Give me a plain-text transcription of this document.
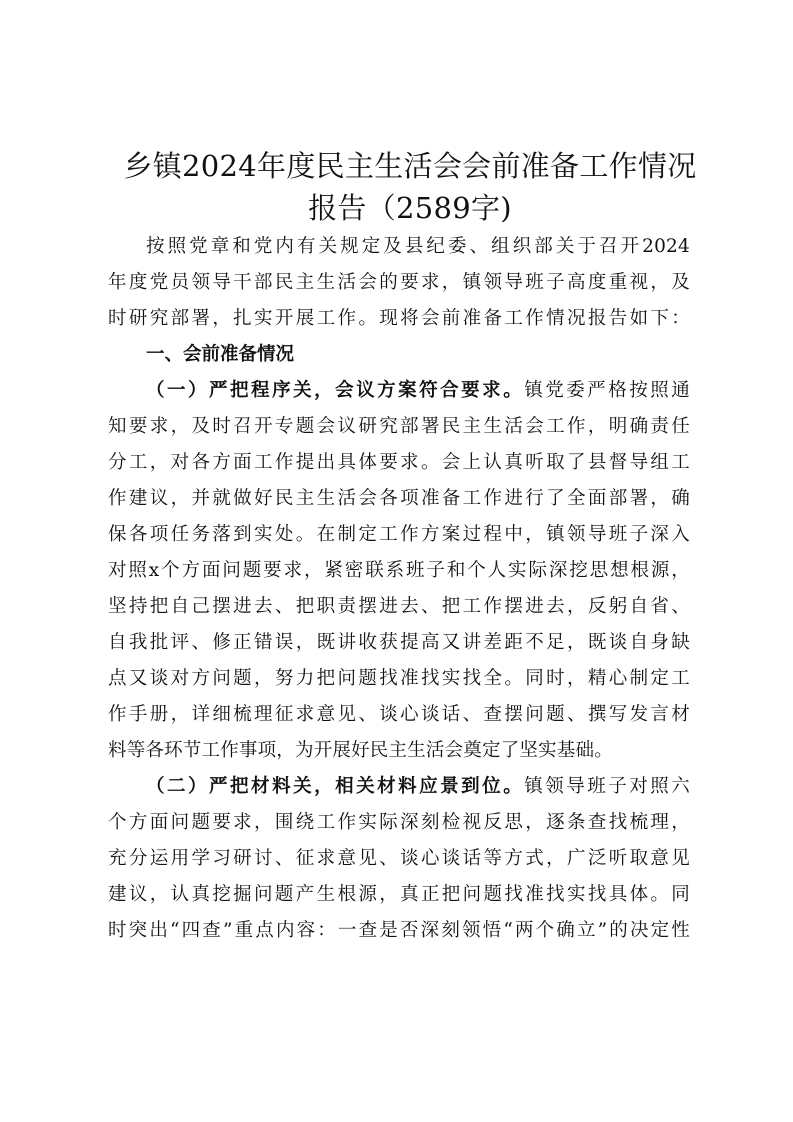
乡镇2024年度民主生活会会前准备工作情况
报告（2589字)
按照党章和党内有关规定及县纪委、组织部关于召开2024
年度党员领导干部民主生活会的要求，镇领导班子高度重视，及
时研究部署，扎实开展工作。现将会前准备工作情况报告如下：
一、会前准备情况
（一）严把程序关，会议方案符合要求。镇党委严格按照通
知要求，及时召开专题会议研究部署民主生活会工作，明确责任
分工，对各方面工作提出具体要求。会上认真听取了县督导组工
作建议，并就做好民主生活会各项准备工作进行了全面部署，确
保各项任务落到实处。在制定工作方案过程中，镇领导班子深入
对照x个方面问题要求，紧密联系班子和个人实际深挖思想根源，
坚持把自己摆进去、把职责摆进去、把工作摆进去，反躬自省、
自我批评、修正错误，既讲收获提高又讲差距不足，既谈自身缺
点又谈对方问题，努力把问题找准找实找全。同时，精心制定工
作手册，详细梳理征求意见、谈心谈话、查摆问题、撰写发言材
料等各环节工作事项，为开展好民主生活会奠定了坚实基础。
（二）严把材料关，相关材料应景到位。镇领导班子对照六
个方面问题要求，围绕工作实际深刻检视反思，逐条查找梳理，
充分运用学习研讨、征求意见、谈心谈话等方式，广泛听取意见
建议，认真挖掘问题产生根源，真正把问题找准找实找具体。同
时突出“四查”重点内容：一查是否深刻领悟“两个确立”的决定性
